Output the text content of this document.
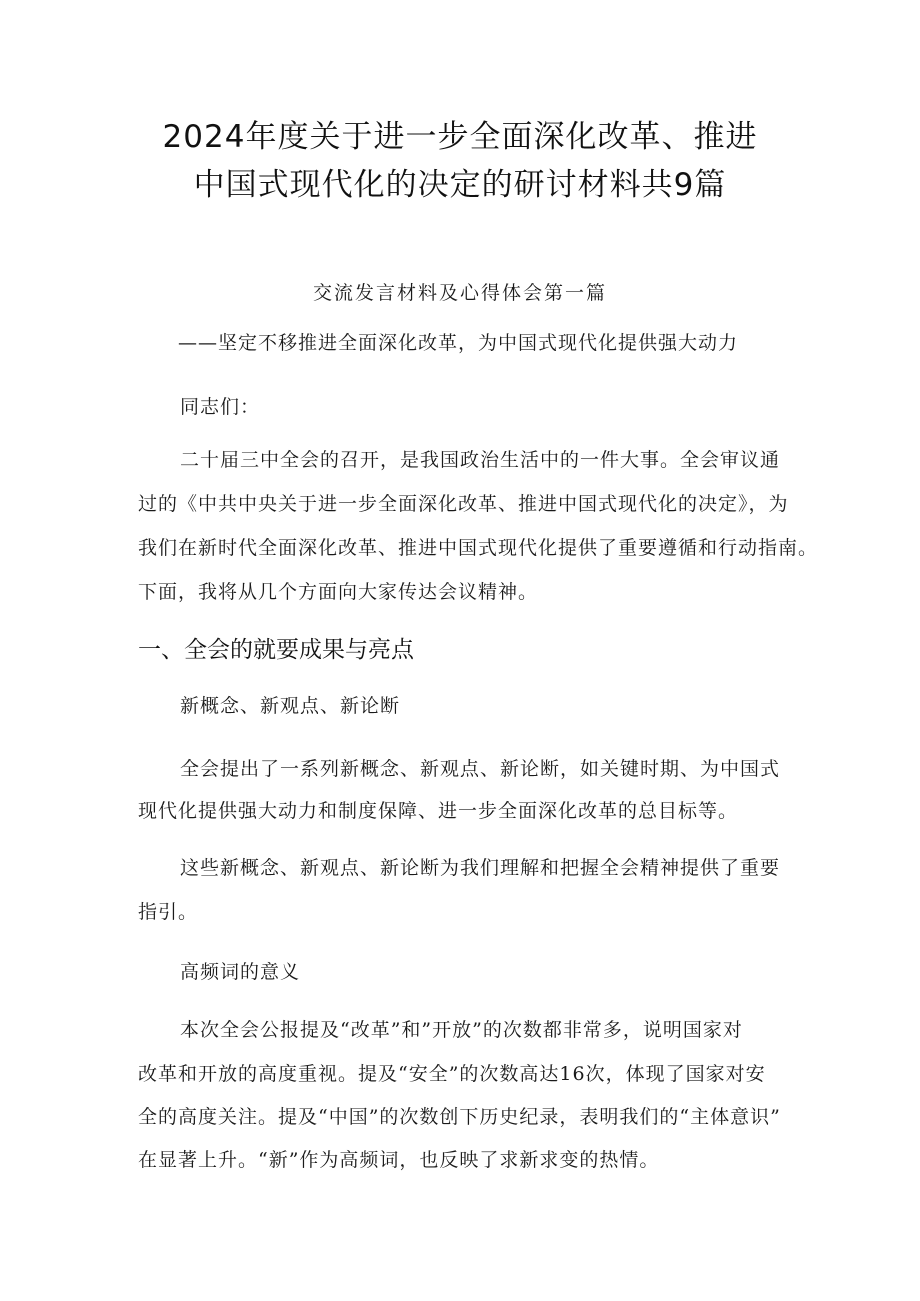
2024年度关于进一步全面深化改革、推进
中国式现代化的决定的研讨材料共9篇
交流发言材料及心得体会第一篇
——坚定不移推进全面深化改革，为中国式现代化提供强大动力
同志们：
二十届三中全会的召开，是我国政治生活中的一件大事。全会审议通
过的《中共中央关于进一步全面深化改革、推进中国式现代化的决定》，为
我们在新时代全面深化改革、推进中国式现代化提供了重要遵循和行动指南。
下面，我将从几个方面向大家传达会议精神。
一、全会的就要成果与亮点
新概念、新观点、新论断
全会提出了一系列新概念、新观点、新论断，如关键时期、为中国式
现代化提供强大动力和制度保障、进一步全面深化改革的总目标等。
这些新概念、新观点、新论断为我们理解和把握全会精神提供了重要
指引。
高频词的意义
本次全会公报提及“改革”和”开放”的次数都非常多，说明国家对
改革和开放的高度重视。提及“安全”的次数高达16次，体现了国家对安
全的高度关注。提及“中国”的次数创下历史纪录，表明我们的“主体意识”
在显著上升。“新”作为高频词，也反映了求新求变的热情。
